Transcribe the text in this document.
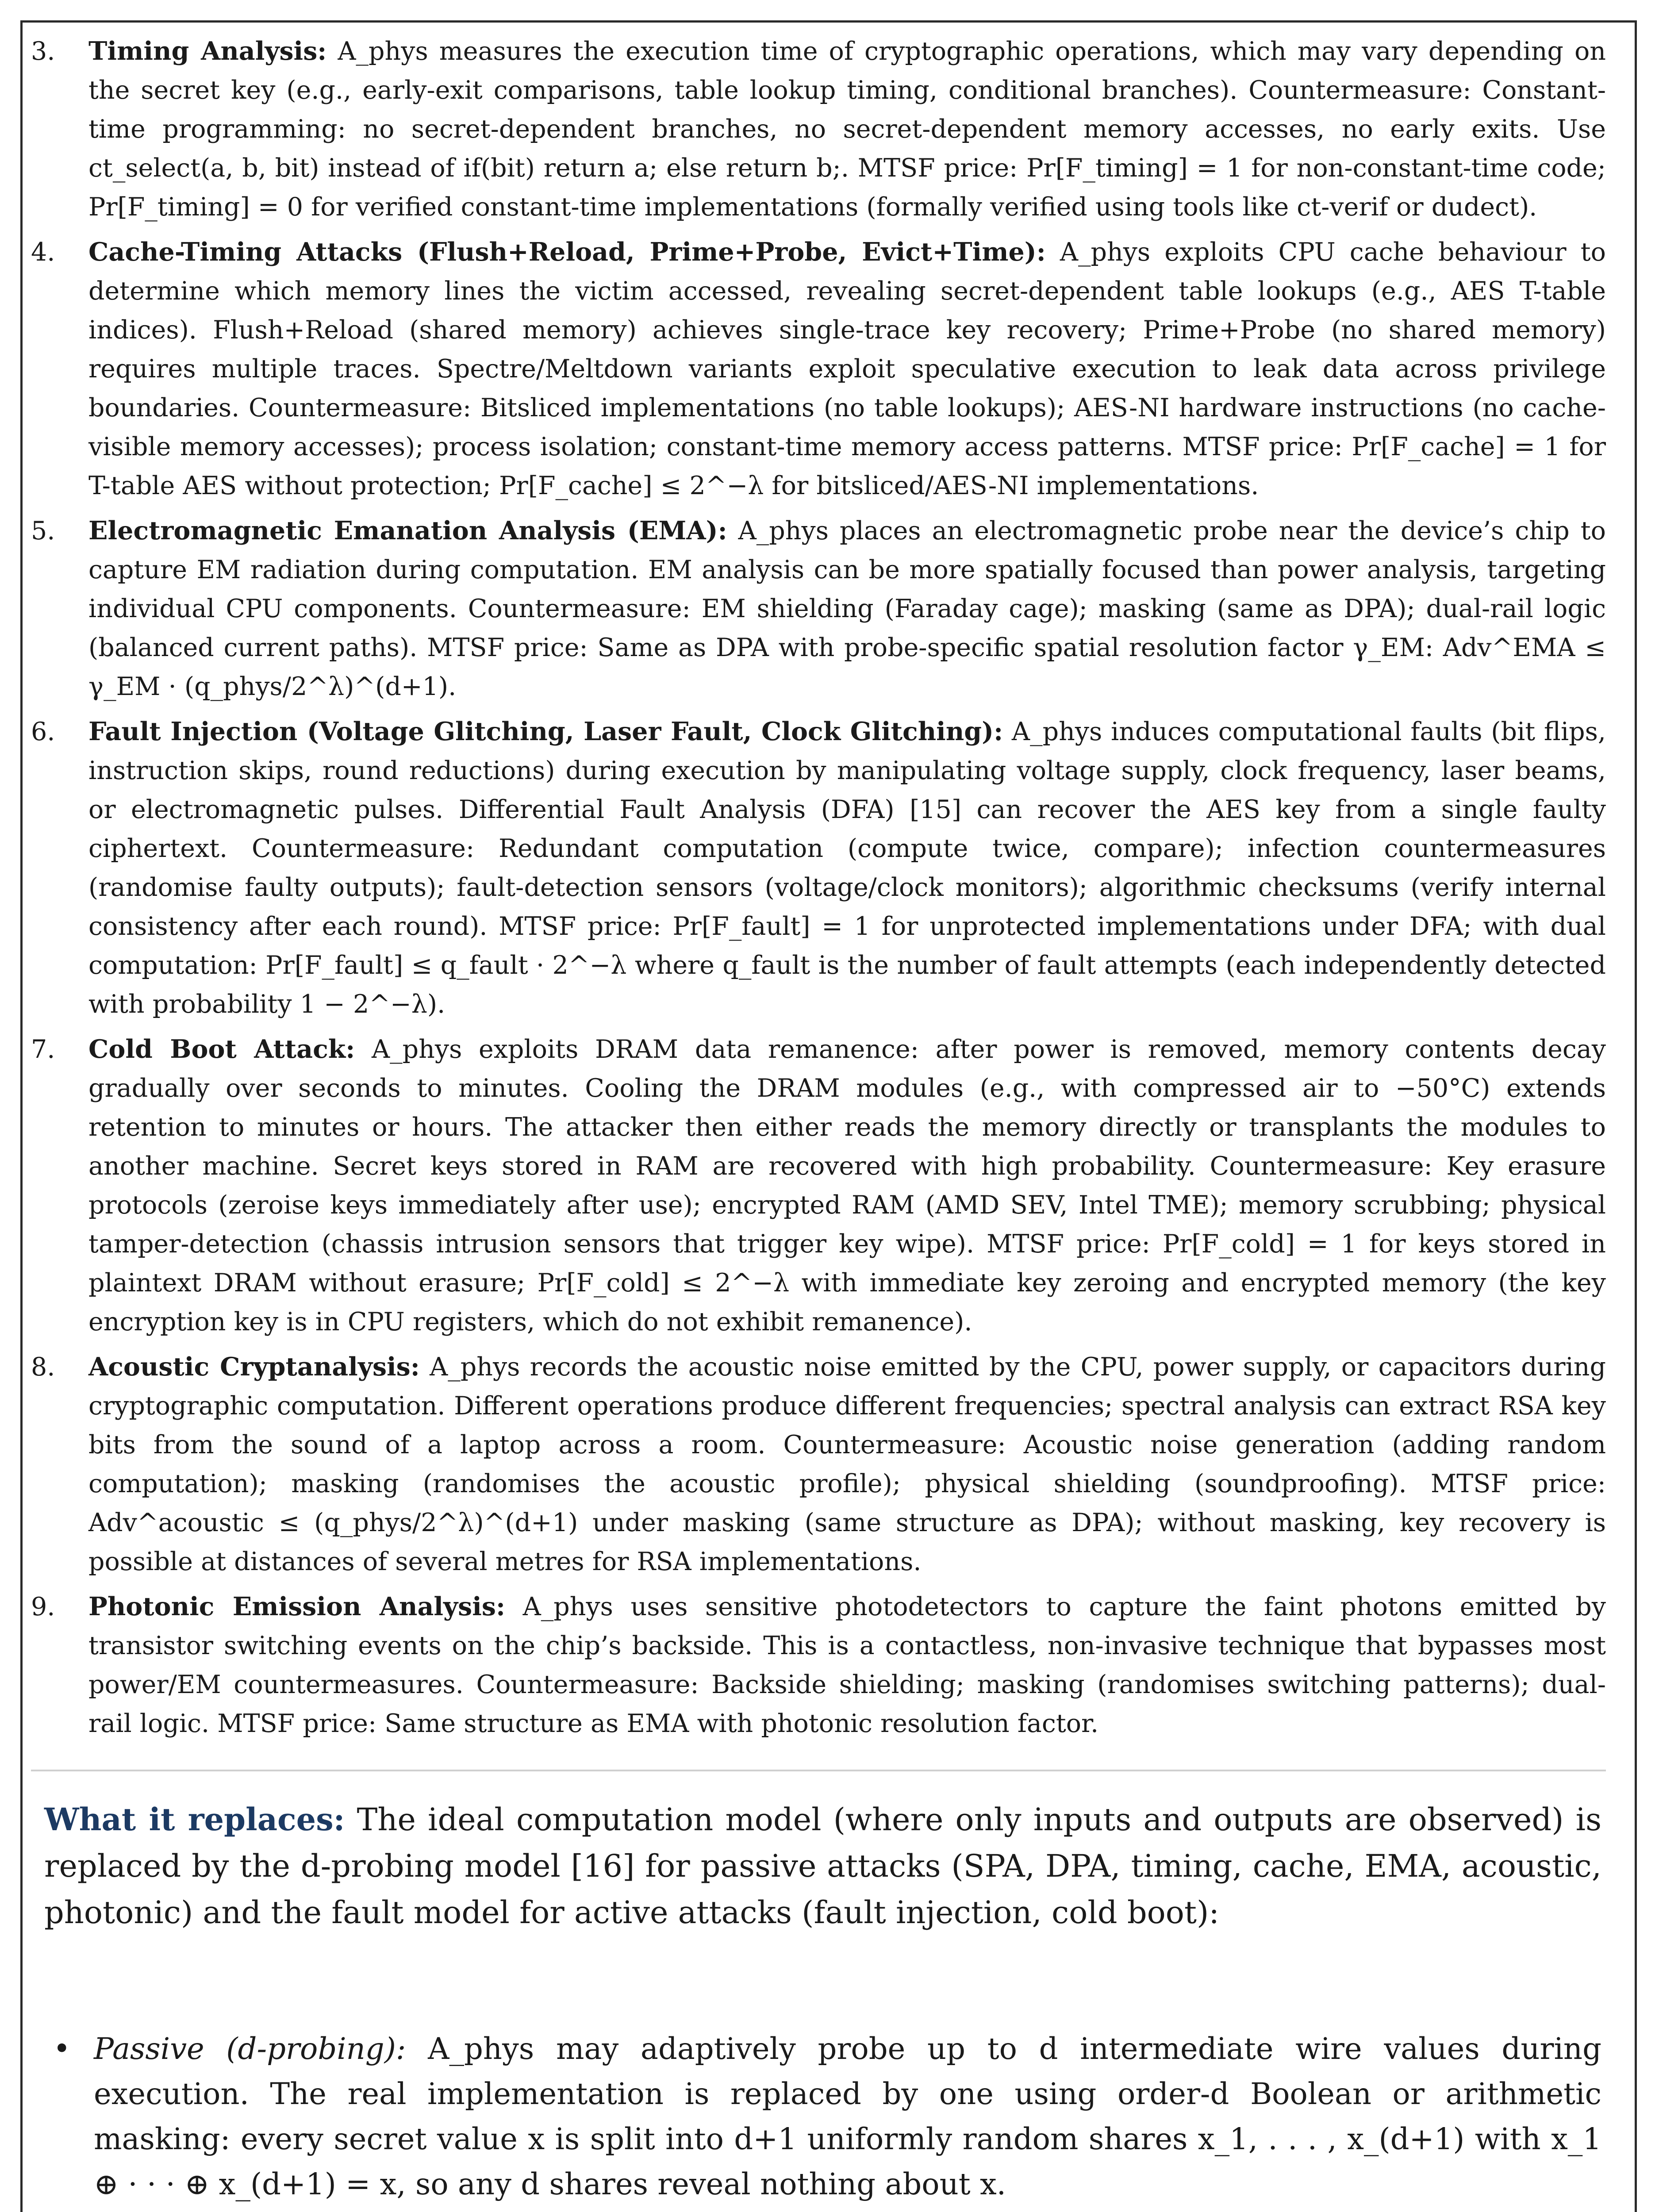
3. Timing Analysis: A_phys measures the execution time of cryptographic operations, which may vary depending on the secret key (e.g., early-exit comparisons, table lookup timing, conditional branches). Countermeasure: Constant-time programming: no secret-dependent branches, no secret-dependent memory accesses, no early exits. Use ct_select(a, b, bit) instead of if(bit) return a; else return b;. MTSF price: Pr[F_timing] = 1 for non-constant-time code; Pr[F_timing] = 0 for verified constant-time implementations (formally verified using tools like ct-verif or dudect).
4. Cache-Timing Attacks (Flush+Reload, Prime+Probe, Evict+Time): A_phys exploits CPU cache behaviour to determine which memory lines the victim accessed, revealing secret-dependent table lookups (e.g., AES T-table indices). Flush+Reload (shared memory) achieves single-trace key recovery; Prime+Probe (no shared memory) requires multiple traces. Spectre/Meltdown variants exploit speculative execution to leak data across privilege boundaries. Countermeasure: Bitsliced implementations (no table lookups); AES-NI hardware instructions (no cache-visible memory accesses); process isolation; constant-time memory access patterns. MTSF price: Pr[F_cache] = 1 for T-table AES without protection; Pr[F_cache] ≤ 2^−λ for bitsliced/AES-NI implementations.
5. Electromagnetic Emanation Analysis (EMA): A_phys places an electromagnetic probe near the device’s chip to capture EM radiation during computation. EM analysis can be more spatially focused than power analysis, targeting individual CPU components. Countermeasure: EM shielding (Faraday cage); masking (same as DPA); dual-rail logic (balanced current paths). MTSF price: Same as DPA with probe-specific spatial resolution factor γ_EM: Adv^EMA ≤ γ_EM · (q_phys/2^λ)^(d+1).
6. Fault Injection (Voltage Glitching, Laser Fault, Clock Glitching): A_phys induces computational faults (bit flips, instruction skips, round reductions) during execution by manipulating voltage supply, clock frequency, laser beams, or electromagnetic pulses. Differential Fault Analysis (DFA) [15] can recover the AES key from a single faulty ciphertext. Countermeasure: Redundant computation (compute twice, compare); infection countermeasures (randomise faulty outputs); fault-detection sensors (voltage/clock monitors); algorithmic checksums (verify internal consistency after each round). MTSF price: Pr[F_fault] = 1 for unprotected implementations under DFA; with dual computation: Pr[F_fault] ≤ q_fault · 2^−λ where q_fault is the number of fault attempts (each independently detected with probability 1 − 2^−λ).
7. Cold Boot Attack: A_phys exploits DRAM data remanence: after power is removed, memory contents decay gradually over seconds to minutes. Cooling the DRAM modules (e.g., with compressed air to −50°C) extends retention to minutes or hours. The attacker then either reads the memory directly or transplants the modules to another machine. Secret keys stored in RAM are recovered with high probability. Countermeasure: Key erasure protocols (zeroise keys immediately after use); encrypted RAM (AMD SEV, Intel TME); memory scrubbing; physical tamper-detection (chassis intrusion sensors that trigger key wipe). MTSF price: Pr[F_cold] = 1 for keys stored in plaintext DRAM without erasure; Pr[F_cold] ≤ 2^−λ with immediate key zeroing and encrypted memory (the key encryption key is in CPU registers, which do not exhibit remanence).
8. Acoustic Cryptanalysis: A_phys records the acoustic noise emitted by the CPU, power supply, or capacitors during cryptographic computation. Different operations produce different frequencies; spectral analysis can extract RSA key bits from the sound of a laptop across a room. Countermeasure: Acoustic noise generation (adding random computation); masking (randomises the acoustic profile); physical shielding (soundproofing). MTSF price: Adv^acoustic ≤ (q_phys/2^λ)^(d+1) under masking (same structure as DPA); without masking, key recovery is possible at distances of several metres for RSA implementations.
9. Photonic Emission Analysis: A_phys uses sensitive photodetectors to capture the faint photons emitted by transistor switching events on the chip’s backside. This is a contactless, non-invasive technique that bypasses most power/EM countermeasures. Countermeasure: Backside shielding; masking (randomises switching patterns); dual-rail logic. MTSF price: Same structure as EMA with photonic resolution factor.
What it replaces: The ideal computation model (where only inputs and outputs are observed) is replaced by the d-probing model [16] for passive attacks (SPA, DPA, timing, cache, EMA, acoustic, photonic) and the fault model for active attacks (fault injection, cold boot):
• Passive (d-probing): A_phys may adaptively probe up to d intermediate wire values during execution. The real implementation is replaced by one using order-d Boolean or arithmetic masking: every secret value x is split into d+1 uniformly random shares x_1, . . . , x_(d+1) with x_1 ⊕ · · · ⊕ x_(d+1) = x, so any d shares reveal nothing about x.
